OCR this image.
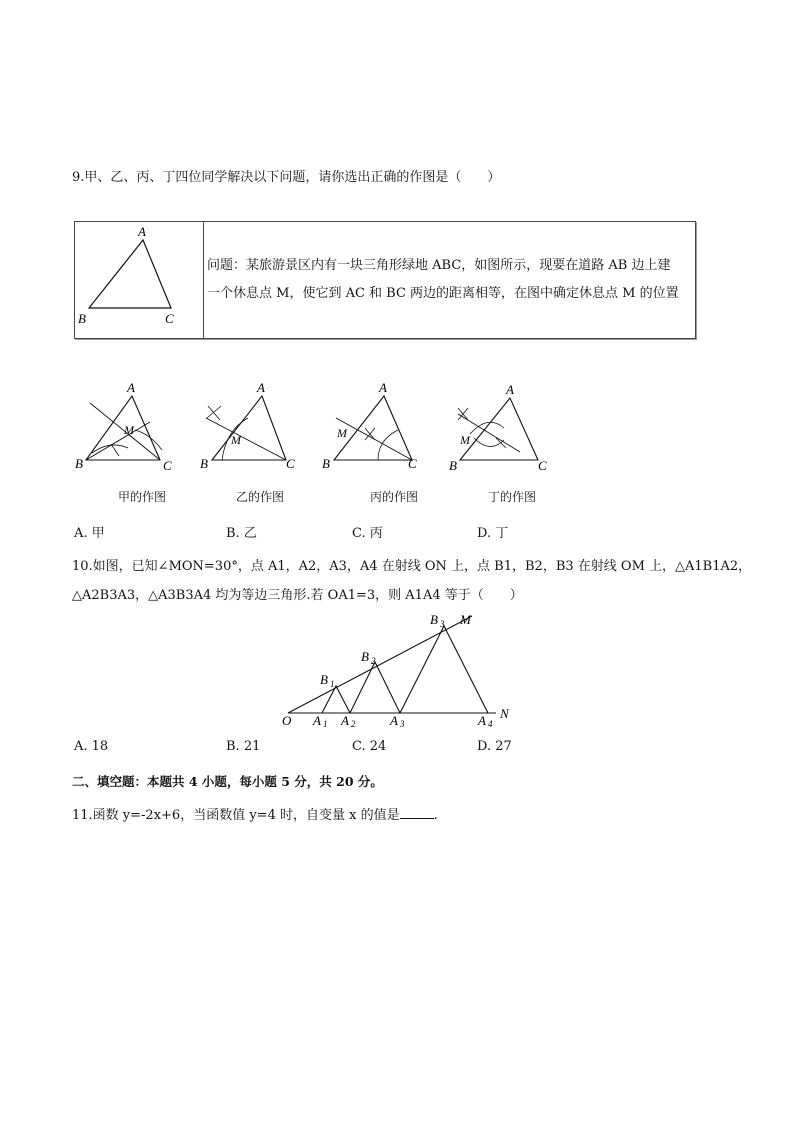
9.甲、乙、丙、丁四位同学解决以下问题，请你选出正确的作图是（　　）
A
B	C
问题：某旅游景区内有一块三角形绿地 ABC，如图所示，现要在道路 AB 边上建
一个休息点 M，使它到 AC 和 BC 两边的距离相等，在图中确定休息点 M 的位置
A
B	C
M
A
B	C
M
A
B	C
M
A
B	C
M
甲的作图	乙的作图	丙的作图	丁的作图
A. 甲	B. 乙	C. 丙	D. 丁
10.如图，已知∠MON=30°，点 A1，A2，A3，A4 在射线 ON 上，点 B1，B2，B3 在射线 OM 上，△A1B1A2，
△A2B3A3，△A3B3A4 均为等边三角形.若 OA1=3，则 A1A4 等于（　　）
O	N
M
A 1 A 2	A 3	A 4
B 1
B 2
B 3
A. 18	B. 21	C. 24	D. 27
二、填空题：本题共 4 小题，每小题 5 分，共 20 分。
11.函数 y=-2x+6，当函数值 y=4 时，自变量 x 的值是	.
